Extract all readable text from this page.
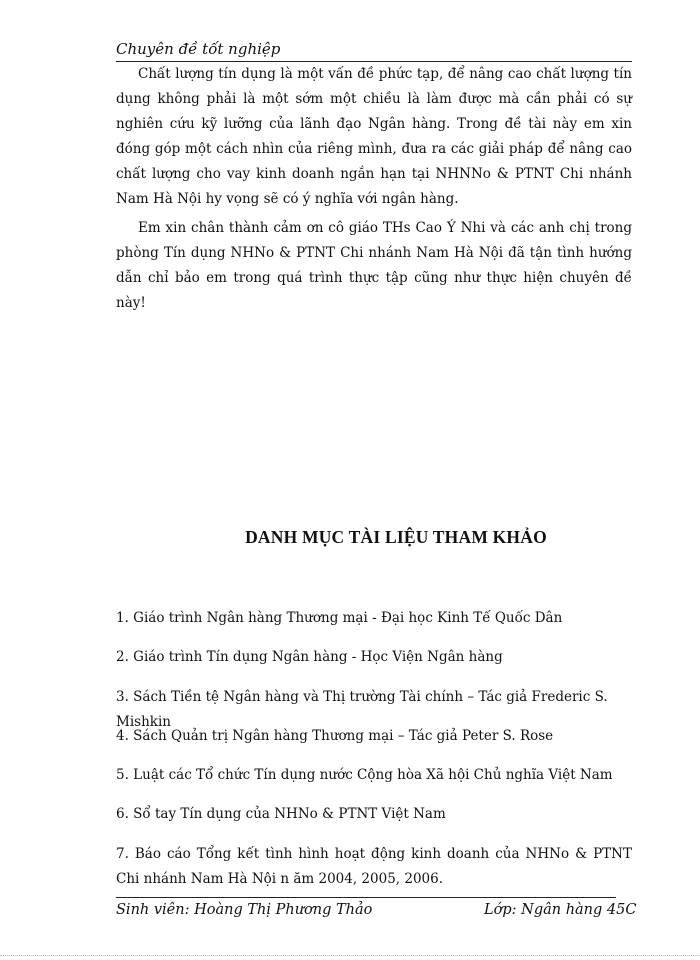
Chuyên đề tốt nghiệp

Chất lượng tín dụng là một vấn đề phức tạp, để nâng cao chất lượng tín dụng không phải là một sớm một chiều là làm được mà cần phải có sự nghiên cứu kỹ lưỡng của lãnh đạo Ngân hàng. Trong đề tài này em xin đóng góp một cách nhìn của riêng mình, đưa ra các giải pháp để nâng cao chất lượng cho vay kinh doanh ngắn hạn tại NHNNo & PTNT Chi nhánh Nam Hà Nội hy vọng sẽ có ý nghĩa với ngân hàng.

Em xin chân thành cảm ơn cô giáo THs Cao Ý Nhi và các anh chị trong phòng Tín dụng NHNo & PTNT Chi nhánh Nam Hà Nội đã tận tình hướng dẫn chỉ bảo em trong quá trình thực tập cũng như thực hiện chuyên đề này!

DANH MỤC TÀI LIỆU THAM KHẢO
1. Giáo trình Ngân hàng Thương mại - Đại học Kinh Tế Quốc Dân
2. Giáo trình Tín dụng Ngân hàng - Học Viện Ngân hàng
3. Sách Tiền tệ Ngân hàng và Thị trường Tài chính – Tác giả Frederic S. Mishkin
4. Sách Quản trị Ngân hàng Thương mại – Tác giả Peter S. Rose
5. Luật các Tổ chức Tín dụng nước Cộng hòa Xã hội Chủ nghĩa Việt Nam
6. Sổ tay Tín dụng của NHNo & PTNT Việt Nam
7. Báo cáo Tổng kết tình hình hoạt động kinh doanh của NHNo & PTNT Chi nhánh Nam Hà Nội n ăm 2004, 2005, 2006.
Sinh viên: Hoàng Thị Phương Thảo	Lớp: Ngân hàng 45C
